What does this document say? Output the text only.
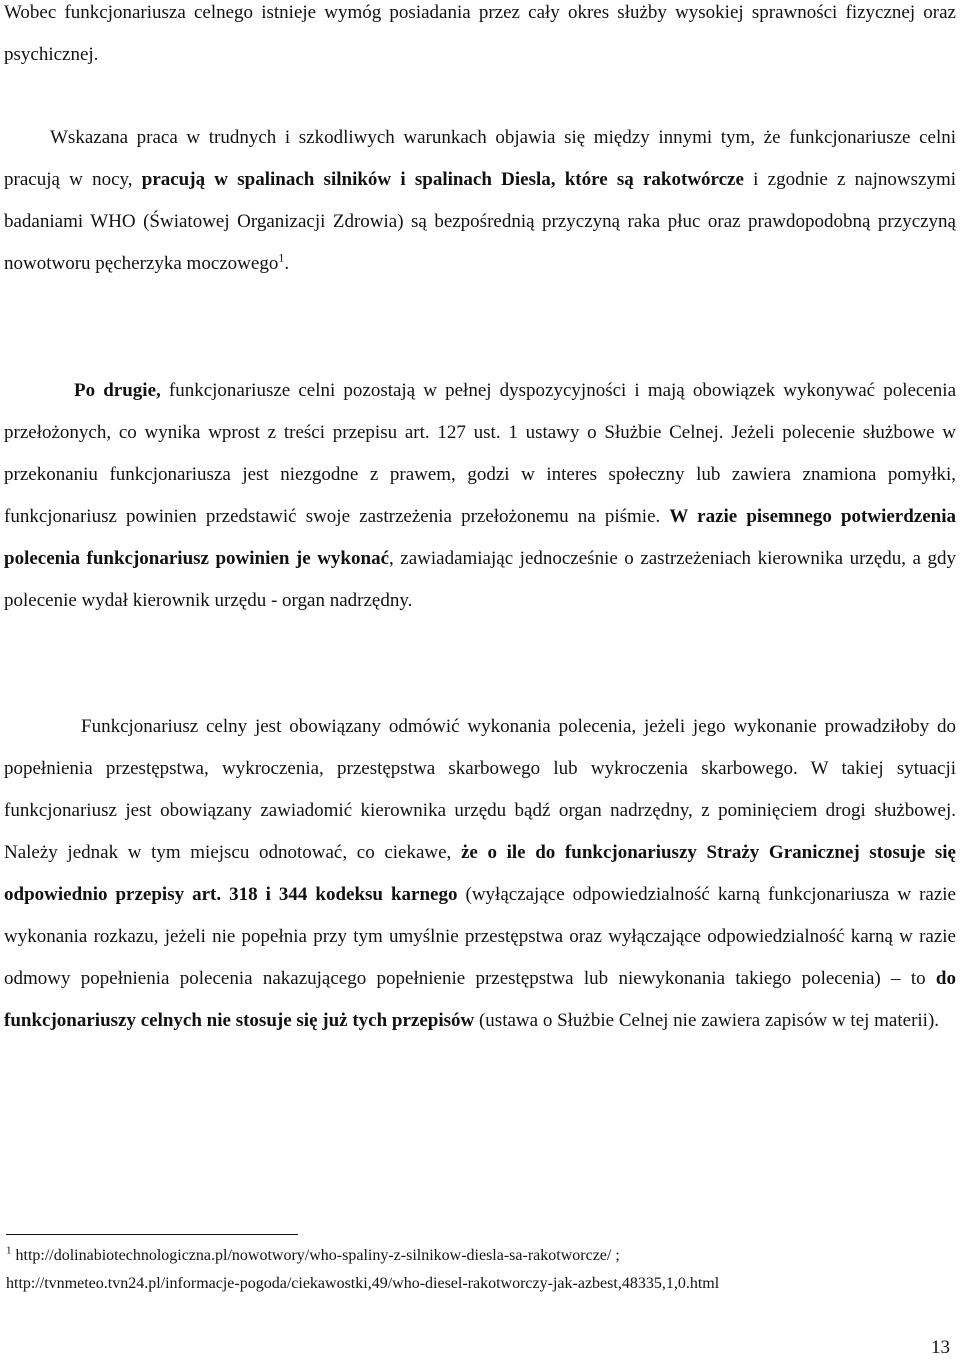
Wobec funkcjonariusza celnego istnieje wymóg posiadania przez cały okres służby wysokiej sprawności fizycznej oraz psychicznej.

Wskazana praca w trudnych i szkodliwych warunkach objawia się między innymi tym, że funkcjonariusze celni pracują w nocy, pracują w spalinach silników i spalinach Diesla, które są rakotwórcze i zgodnie z najnowszymi badaniami WHO (Światowej Organizacji Zdrowia) są bezpośrednią przyczyną raka płuc oraz prawdopodobną przyczyną nowotworu pęcherzyka moczowego$^1$.

Po drugie, funkcjonariusze celni pozostają w pełnej dyspozycyjności i mają obowiązek wykonywać polecenia przełożonych, co wynika wprost z treści przepisu art. 127 ust. 1 ustawy o Służbie Celnej. Jeżeli polecenie służbowe w przekonaniu funkcjonariusza jest niezgodne z prawem, godzi w interes społeczny lub zawiera znamiona pomyłki, funkcjonariusz powinien przedstawić swoje zastrzeżenia przełożonemu na piśmie. W razie pisemnego potwierdzenia polecenia funkcjonariusz powinien je wykonać, zawiadamiając jednocześnie o zastrzeżeniach kierownika urzędu, a gdy polecenie wydał kierownik urzędu - organ nadrzędny.

Funkcjonariusz celny jest obowiązany odmówić wykonania polecenia, jeżeli jego wykonanie prowadziłoby do popełnienia przestępstwa, wykroczenia, przestępstwa skarbowego lub wykroczenia skarbowego. W takiej sytuacji funkcjonariusz jest obowiązany zawiadomić kierownika urzędu bądź organ nadrzędny, z pominięciem drogi służbowej. Należy jednak w tym miejscu odnotować, co ciekawe, że o ile do funkcjonariuszy Straży Granicznej stosuje się odpowiednio przepisy art. 318 i 344 kodeksu karnego (wyłączające odpowiedzialność karną funkcjonariusza w razie wykonania rozkazu, jeżeli nie popełnia przy tym umyślnie przestępstwa oraz wyłączające odpowiedzialność karną w razie odmowy popełnienia polecenia nakazującego popełnienie przestępstwa lub niewykonania takiego polecenia) – to do funkcjonariuszy celnych nie stosuje się już tych przepisów (ustawa o Służbie Celnej nie zawiera zapisów w tej materii).

$^1$ http://dolinabiotechnologiczna.pl/nowotwory/who-spaliny-z-silnikow-diesla-sa-rakotworcze/ ;
http://tvnmeteo.tvn24.pl/informacje-pogoda/ciekawostki,49/who-diesel-rakotworczy-jak-azbest,48335,1,0.html
13
